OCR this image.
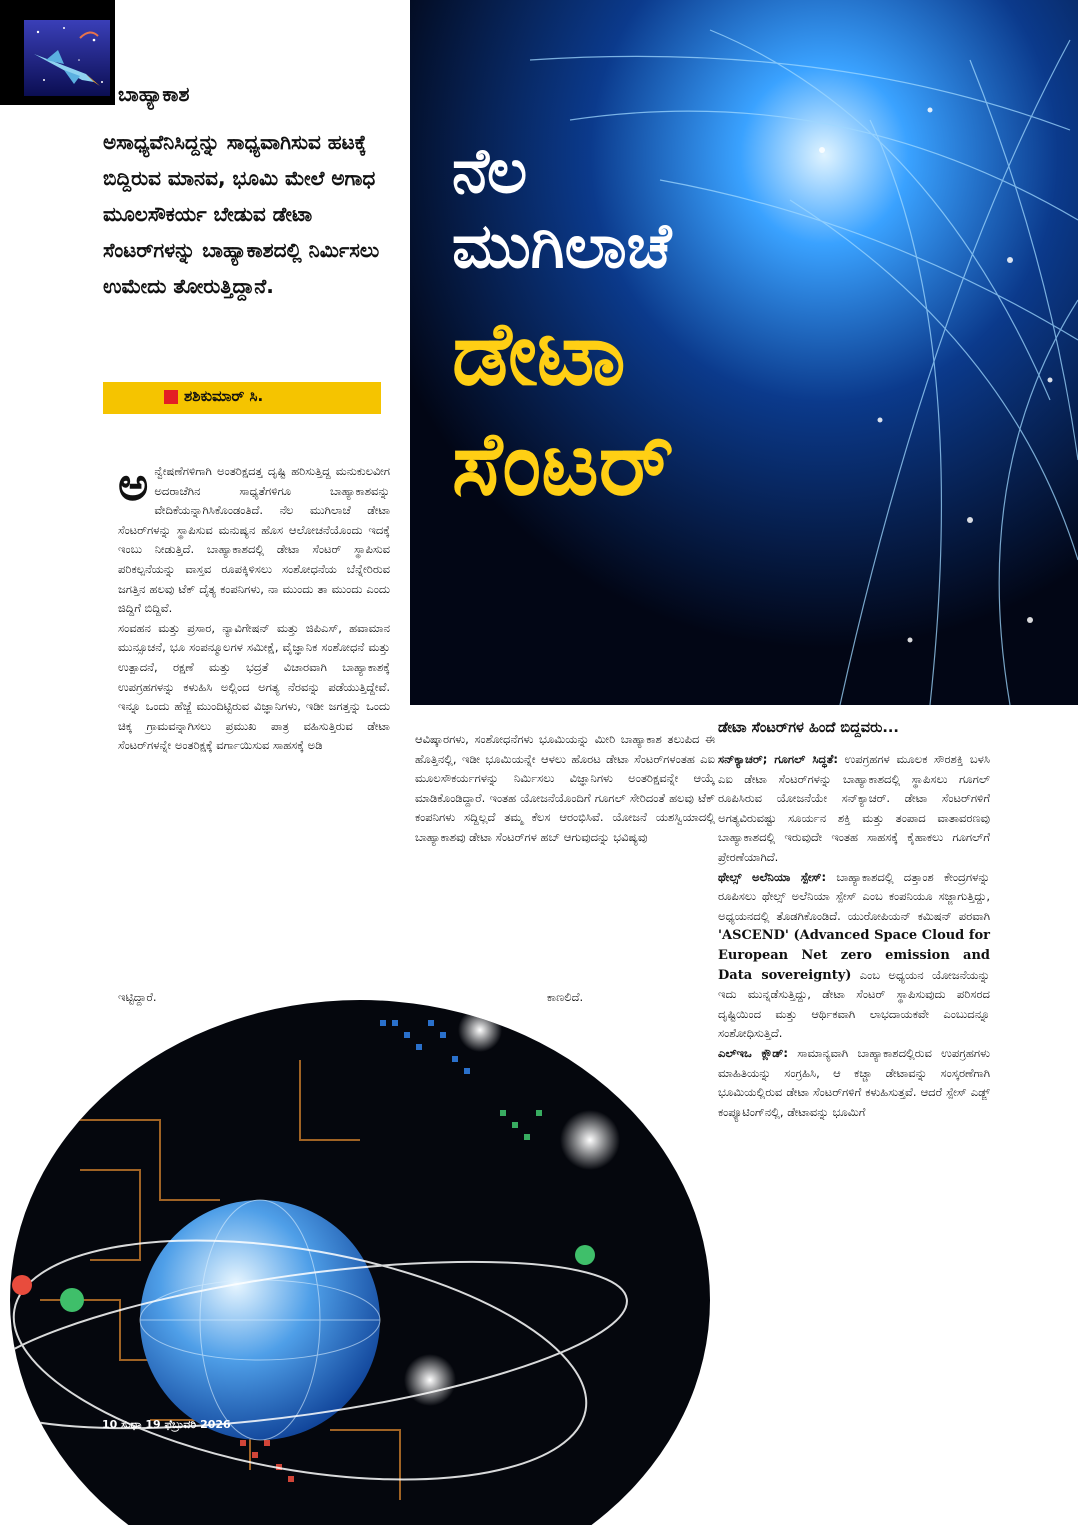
ಬಾಹ್ಯಾಕಾಶ
ನೆಲ
ಮುಗಿಲಾಚೆ
ಡೇಟಾ
ಸೆಂಟರ್

ಅಸಾಧ್ಯವೆನಿಸಿದ್ದನ್ನು ಸಾಧ್ಯವಾಗಿಸುವ ಹಟಕ್ಕೆ ಬಿದ್ದಿರುವ ಮಾನವ, ಭೂಮಿ ಮೇಲೆ ಅಗಾಧ ಮೂಲಸೌಕರ್ಯ ಬೇಡುವ ಡೇಟಾ ಸೆಂಟರ್‌ಗಳನ್ನು ಬಾಹ್ಯಾಕಾಶದಲ್ಲಿ ನಿರ್ಮಿಸಲು ಉಮೇದು ತೋರುತ್ತಿದ್ದಾನೆ.

ಶಶಿಕುಮಾರ್ ಸಿ.
ಅ ನ್ವೇಷಣೆಗಳಿಗಾಗಿ ಅಂತರಿಕ್ಷದತ್ತ ದೃಷ್ಟಿ ಹರಿಸುತ್ತಿದ್ದ ಮನುಕುಲವೀಗ ಅದರಾಚೆಗಿನ ಸಾಧ್ಯತೆಗಳಿಗೂ ಬಾಹ್ಯಾಕಾಶವನ್ನು ವೇದಿಕೆಯನ್ನಾಗಿಸಿಕೊಂಡಂತಿದೆ. ನೆಲ ಮುಗಿಲಾಚೆ ಡೇಟಾ ಸೆಂಟರ್‌ಗಳನ್ನು ಸ್ಥಾಪಿಸುವ ಮನುಷ್ಯನ ಹೊಸ ಆಲೋಚನೆಯೊಂದು ಇದಕ್ಕೆ ಇಂಬು ನೀಡುತ್ತಿದೆ. ಬಾಹ್ಯಾಕಾಶದಲ್ಲಿ ಡೇಟಾ ಸೆಂಟರ್ ಸ್ಥಾಪಿಸುವ ಪರಿಕಲ್ಪನೆಯನ್ನು ವಾಸ್ತವ ರೂಪಕ್ಕಿಳಿಸಲು ಸಂಶೋಧನೆಯ ಬೆನ್ನೇರಿರುವ ಜಗತ್ತಿನ ಹಲವು ಟೆಕ್ ದೈತ್ಯ ಕಂಪನಿಗಳು, ನಾ ಮುಂದು ತಾ ಮುಂದು ಎಂದು ಜಿದ್ದಿಗೆ ಬಿದ್ದಿವೆ.

ಸಂವಹನ ಮತ್ತು ಪ್ರಸಾರ, ನ್ಯಾವಿಗೇಷನ್ ಮತ್ತು ಜಿಪಿಎಸ್, ಹವಾಮಾನ ಮುನ್ಸೂಚನೆ, ಭೂ ಸಂಪನ್ಮೂಲಗಳ ಸಮೀಕ್ಷೆ, ವೈಜ್ಞಾನಿಕ ಸಂಶೋಧನೆ ಮತ್ತು ಉತ್ಪಾದನೆ, ರಕ್ಷಣೆ ಮತ್ತು ಭದ್ರತೆ ವಿಚಾರವಾಗಿ ಬಾಹ್ಯಾಕಾಶಕ್ಕೆ ಉಪಗ್ರಹಗಳನ್ನು ಕಳುಹಿಸಿ ಅಲ್ಲಿಂದ ಅಗತ್ಯ ನೆರವನ್ನು ಪಡೆಯುತ್ತಿದ್ದೇವೆ. ಇನ್ನೂ ಒಂದು ಹೆಜ್ಜೆ ಮುಂದಿಟ್ಟಿರುವ ವಿಜ್ಞಾನಿಗಳು, ಇಡೀ ಜಗತ್ತನ್ನು ಒಂದು ಚಿಕ್ಕ ಗ್ರಾಮವನ್ನಾಗಿಸಲು ಪ್ರಮುಖ ಪಾತ್ರ ವಹಿಸುತ್ತಿರುವ ಡೇಟಾ ಸೆಂಟರ್‌ಗಳನ್ನೇ ಅಂತರಿಕ್ಷಕ್ಕೆ ವರ್ಗಾಯಿಸುವ ಸಾಹಸಕ್ಕೆ ಅಡಿ

ಇಟ್ಟಿದ್ದಾರೆ.

ಆವಿಷ್ಕಾರಗಳು, ಸಂಶೋಧನೆಗಳು ಭೂಮಿಯನ್ನು ಮೀರಿ ಬಾಹ್ಯಾಕಾಶ ತಲುಪಿದ ಈ ಹೊತ್ತಿನಲ್ಲಿ, ಇಡೀ ಭೂಮಿಯನ್ನೇ ಆಳಲು ಹೊರಟ ಡೇಟಾ ಸೆಂಟರ್‌ಗಳಂತಹ ಎಐ ಮೂಲಸೌಕರ್ಯಗಳನ್ನು ನಿರ್ಮಿಸಲು ವಿಜ್ಞಾನಿಗಳು ಅಂತರಿಕ್ಷವನ್ನೇ ಆಯ್ಕೆ ಮಾಡಿಕೊಂಡಿದ್ದಾರೆ. ಇಂತಹ ಯೋಜನೆಯೊಂದಿಗೆ ಗೂಗಲ್ ಸೇರಿದಂತೆ ಹಲವು ಟೆಕ್ ಕಂಪನಿಗಳು ಸದ್ದಿಲ್ಲದೆ ತಮ್ಮ ಕೆಲಸ ಆರಂಭಿಸಿವೆ. ಯೋಜನೆ ಯಶಸ್ವಿಯಾದಲ್ಲಿ ಬಾಹ್ಯಾಕಾಶವು ಡೇಟಾ ಸೆಂಟರ್‌ಗಳ ಹಬ್ ಆಗುವುದನ್ನು ಭವಿಷ್ಯವು

ಕಾಣಲಿದೆ.
ಡೇಟಾ ಸೆಂಟರ್‌ಗಳ ಹಿಂದೆ ಬಿದ್ದವರು...

ಸನ್‌ಕ್ಯಾಚರ್; ಗೂಗಲ್ ಸಿದ್ಧತೆ: ಉಪಗ್ರಹಗಳ ಮೂಲಕ ಸೌರಶಕ್ತಿ ಬಳಸಿ ಎಐ ಡೇಟಾ ಸೆಂಟರ್‌ಗಳನ್ನು ಬಾಹ್ಯಾಕಾಶದಲ್ಲಿ ಸ್ಥಾಪಿಸಲು ಗೂಗಲ್ ರೂಪಿಸಿರುವ ಯೋಜನೆಯೇ ಸನ್‌ಕ್ಯಾಚರ್. ಡೇಟಾ ಸೆಂಟರ್‌ಗಳಿಗೆ ಅಗತ್ಯವಿರುವಷ್ಟು ಸೂರ್ಯನ ಶಕ್ತಿ ಮತ್ತು ತಂಪಾದ ವಾತಾವರಣವು ಬಾಹ್ಯಾಕಾಶದಲ್ಲಿ ಇರುವುದೇ ಇಂತಹ ಸಾಹಸಕ್ಕೆ ಕೈಹಾಕಲು ಗೂಗಲ್‌ಗೆ ಪ್ರೇರಣೆಯಾಗಿದೆ.

ಥೇಲ್ಸ್ ಅಲೆನಿಯಾ ಸ್ಪೇಸ್: ಬಾಹ್ಯಾಕಾಶದಲ್ಲಿ ದತ್ತಾಂಶ ಕೇಂದ್ರಗಳನ್ನು ರೂಪಿಸಲು ಥೇಲ್ಸ್ ಅಲೆನಿಯಾ ಸ್ಪೇಸ್ ಎಂಬ ಕಂಪನಿಯೂ ಸಜ್ಜಾಗುತ್ತಿದ್ದು, ಅಧ್ಯಯನದಲ್ಲಿ ತೊಡಗಿಕೊಂಡಿದೆ. ಯುರೋಪಿಯನ್ ಕಮಿಷನ್ ಪರವಾಗಿ 'ASCEND' (Advanced Space Cloud for European Net zero emission and Data sovereignty) ಎಂಬ ಅಧ್ಯಯನ ಯೋಜನೆಯನ್ನು ಇದು ಮುನ್ನಡೆಸುತ್ತಿದ್ದು, ಡೇಟಾ ಸೆಂಟರ್ ಸ್ಥಾಪಿಸುವುದು ಪರಿಸರದ ದೃಷ್ಟಿಯಿಂದ ಮತ್ತು ಆರ್ಥಿಕವಾಗಿ ಲಾಭದಾಯಕವೇ ಎಂಬುದನ್ನೂ ಸಂಶೋಧಿಸುತ್ತಿದೆ.

ಎಲ್ಇಒ ಕ್ಲೌಡ್: ಸಾಮಾನ್ಯವಾಗಿ ಬಾಹ್ಯಾಕಾಶದಲ್ಲಿರುವ ಉಪಗ್ರಹಗಳು ಮಾಹಿತಿಯನ್ನು ಸಂಗ್ರಹಿಸಿ, ಆ ಕಚ್ಚಾ ಡೇಟಾವನ್ನು ಸಂಸ್ಕರಣೆಗಾಗಿ ಭೂಮಿಯಲ್ಲಿರುವ ಡೇಟಾ ಸೆಂಟರ್‌ಗಳಿಗೆ ಕಳುಹಿಸುತ್ತವೆ. ಆದರೆ ಸ್ಪೇಸ್ ಎಡ್ಜ್ ಕಂಪ್ಯೂಟಿಂಗ್‌ನಲ್ಲಿ, ಡೇಟಾವನ್ನು ಭೂಮಿಗೆ

10 ಸುಧಾ 19 ಫೆಬ್ರುವರಿ 2026
